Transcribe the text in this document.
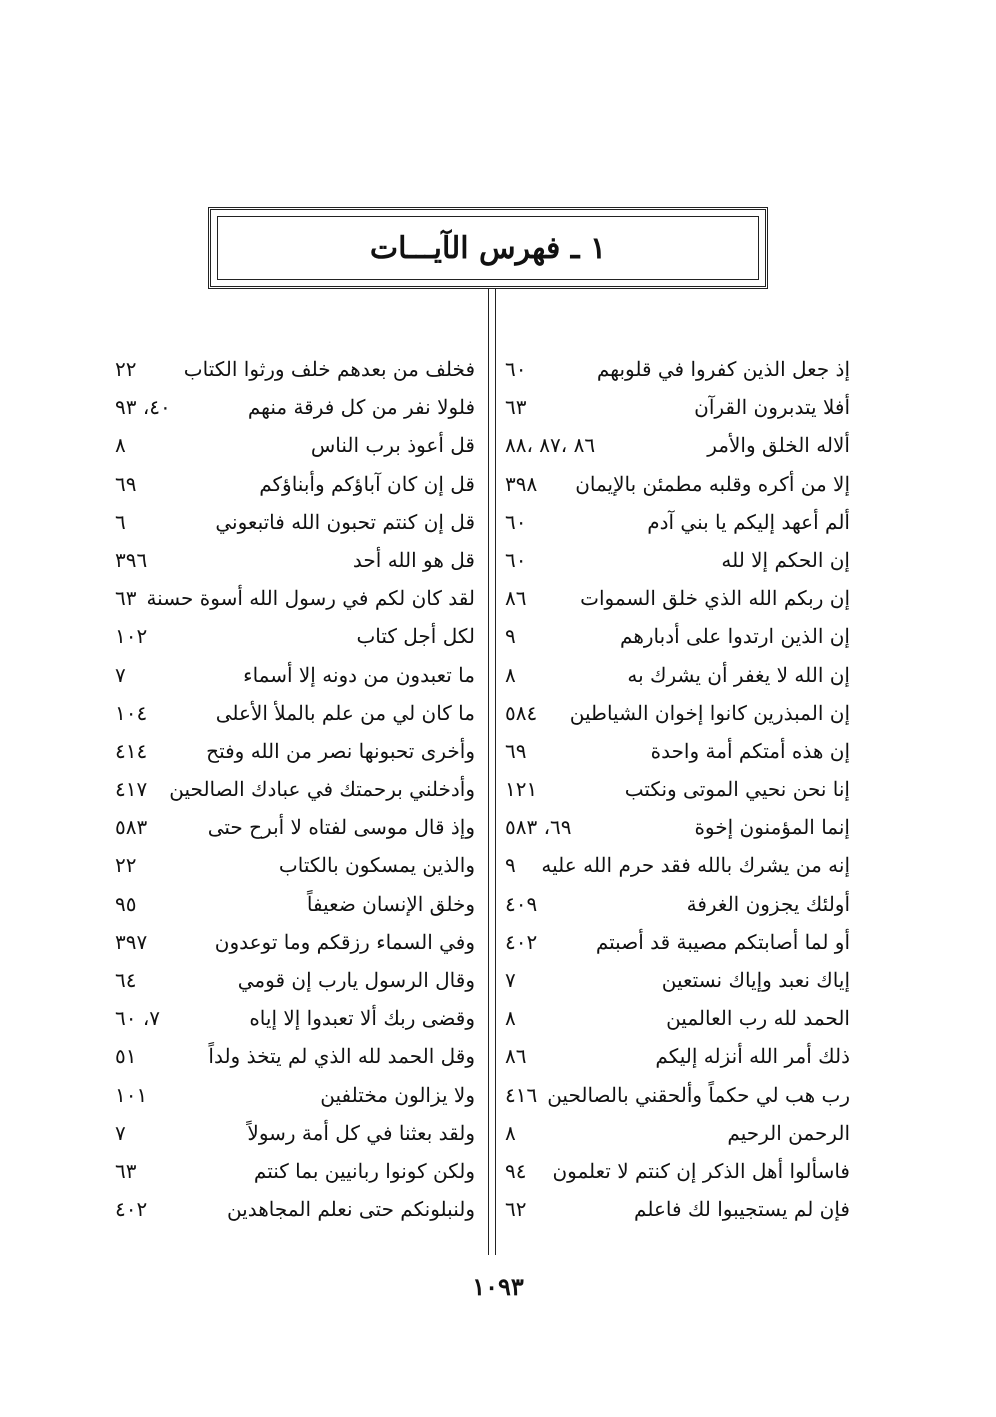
١ ـ فهرس الآيـــات
إذ جعل الذين كفروا في قلوبهم
٦٠
أفلا يتدبرون القرآن
٦٣
ألاله الخلق والأمر
٨٦ ،٨٧ ،٨٨
إلا من أكره وقلبه مطمئن بالإيمان
٣٩٨
ألم أعهد إليكم يا بني آدم
٦٠
إن الحكم إلا لله
٦٠
إن ربكم الله الذي خلق السموات
٨٦
إن الذين ارتدوا على أدبارهم
٩
إن الله لا يغفر أن يشرك به
٨
إن المبذرين كانوا إخوان الشياطين
٥٨٤
إن هذه أمتكم أمة واحدة
٦٩
إنا نحن نحيي الموتى ونكتب
١٢١
إنما المؤمنون إخوة
٦٩، ٥٨٣
إنه من يشرك بالله فقد حرم الله عليه
٩
أولئك يجزون الغرفة
٤٠٩
أو لما أصابتكم مصيبة قد أصبتم
٤٠٢
إياك نعبد وإياك نستعين
٧
الحمد لله رب العالمين
٨
ذلك أمر الله أنزله إليكم
٨٦
رب هب لي حكماً وألحقني بالصالحين
٤١٦
الرحمن الرحيم
٨
فاسألوا أهل الذكر إن كنتم لا تعلمون
٩٤
فإن لم يستجيبوا لك فاعلم
٦٢
فخلف من بعدهم خلف ورثوا الكتاب
٢٢
فلولا نفر من كل فرقة منهم
٤٠، ٩٣
قل أعوذ برب الناس
٨
قل إن كان آباؤكم وأبناؤكم
٦٩
قل إن كنتم تحبون الله فاتبعوني
٦
قل هو الله أحد
٣٩٦
لقد كان لكم في رسول الله أسوة حسنة
٦٣
لكل أجل كتاب
١٠٢
ما تعبدون من دونه إلا أسماء
٧
ما كان لي من علم بالملأ الأعلى
١٠٤
وأخرى تحبونها نصر من الله وفتح
٤١٤
وأدخلني برحمتك في عبادك الصالحين
٤١٧
وإذ قال موسى لفتاه لا أبرح حتى
٥٨٣
والذين يمسكون بالكتاب
٢٢
وخلق الإنسان ضعيفاً
٩٥
وفي السماء رزقكم وما توعدون
٣٩٧
وقال الرسول يارب إن قومي
٦٤
وقضى ربك ألا تعبدوا إلا إياه
٧، ٦٠
وقل الحمد لله الذي لم يتخذ ولداً
٥١
ولا يزالون مختلفين
١٠١
ولقد بعثنا في كل أمة رسولاً
٧
ولكن كونوا ربانيين بما كنتم
٦٣
ولنبلونكم حتى نعلم المجاهدين
٤٠٢
١٠٩٣
